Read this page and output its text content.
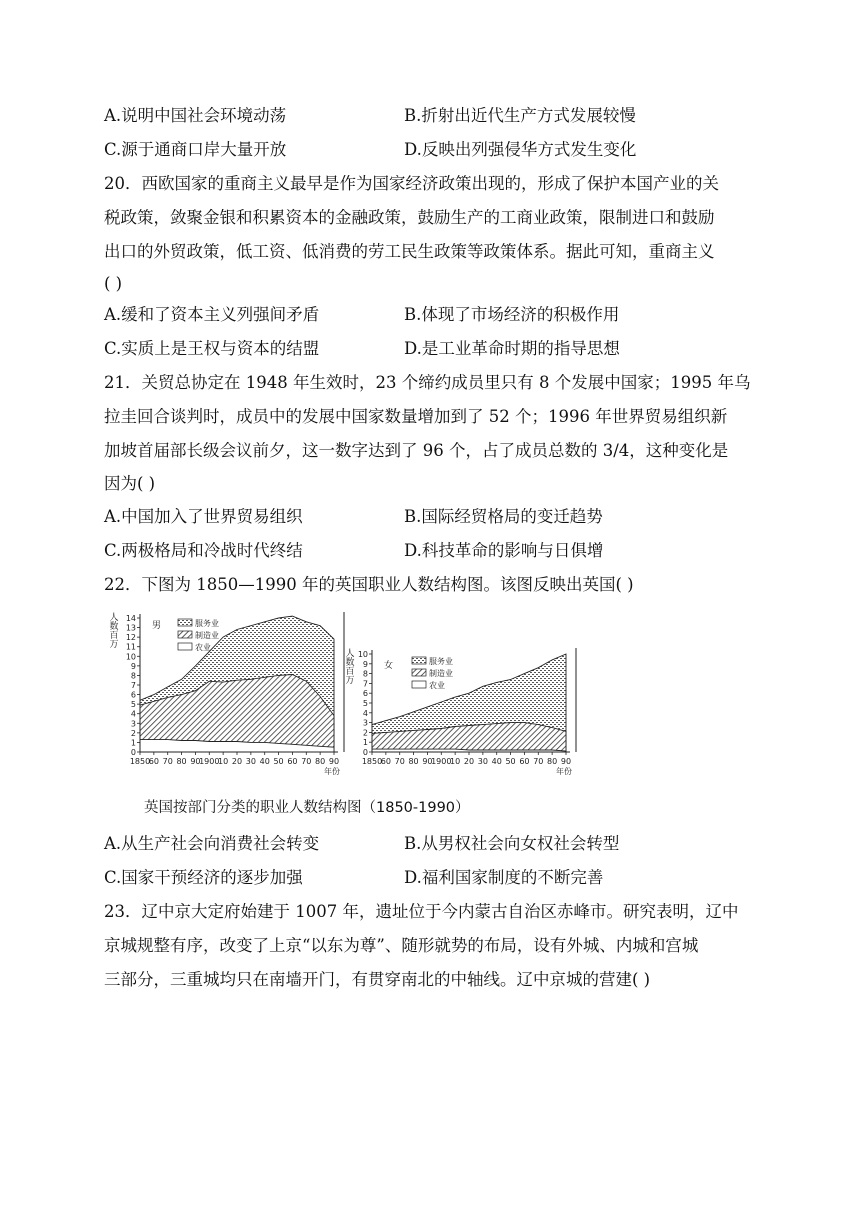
A.说明中国社会环境动荡	B.折射出近代生产方式发展较慢
C.源于通商口岸大量开放	D.反映出列强侵华方式发生变化
20．西欧国家的重商主义最早是作为国家经济政策出现的，形成了保护本国产业的关
税政策，敛聚金银和积累资本的金融政策，鼓励生产的工商业政策，限制进口和鼓励
出口的外贸政策，低工资、低消费的劳工民生政策等政策体系。据此可知，重商主义
( )
A.缓和了资本主义列强间矛盾	B.体现了市场经济的积极作用
C.实质上是王权与资本的结盟	D.是工业革命时期的指导思想
21．关贸总协定在 1948 年生效时，23 个缔约成员里只有 8 个发展中国家；1995 年乌
拉圭回合谈判时，成员中的发展中国家数量增加到了 52 个；1996 年世界贸易组织新
加坡首届部长级会议前夕，这一数字达到了 96 个，占了成员总数的 3/4，这种变化是
因为( )
A.中国加入了世界贸易组织	B.国际经贸格局的变迁趋势
C.两极格局和冷战时代终结	D.科技革命的影响与日俱增
22．下图为 1850—1990 年的英国职业人数结构图。该图反映出英国( )
0
1
2
3
4
5
6
7
8
9
10
11
12
13
14
1850
60 70 80 90
1900
10 20 30 40 50 60 70 80 90
年份
人数百万
男	服务业
制造业
农业
0
1
2
3
4
5
6
7
8
9
10
1850
60 70 80 90
1900
10 20 30 40 50 60 70 80 90
年份
人数百万
女	服务业
制造业
农业
英国按部门分类的职业人数结构图（1850-1990）
A.从生产社会向消费社会转变	B.从男权社会向女权社会转型
C.国家干预经济的逐步加强	D.福利国家制度的不断完善
23．辽中京大定府始建于 1007 年，遗址位于今内蒙古自治区赤峰市。研究表明，辽中
京城规整有序，改变了上京“以东为尊”、随形就势的布局，设有外城、内城和宫城
三部分，三重城均只在南墙开门，有贯穿南北的中轴线。辽中京城的营建( )
